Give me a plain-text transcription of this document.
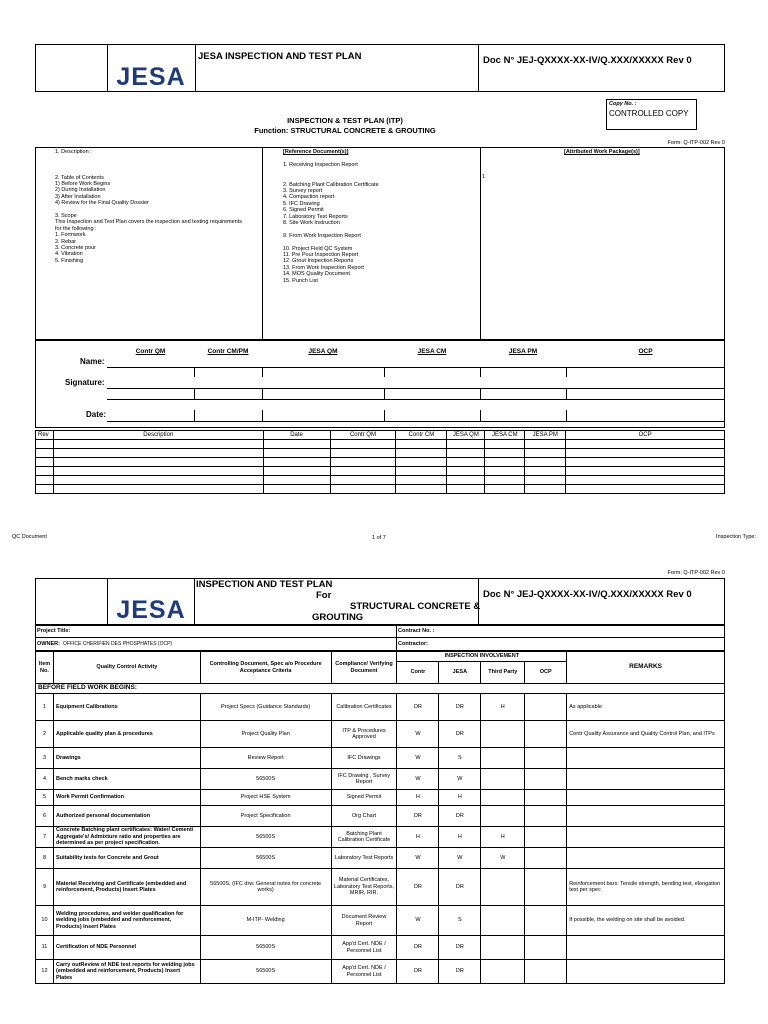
JESA
JESA INSPECTION AND TEST PLAN	Doc N° JEJ-QXXXX-XX-IV/Q.XXX/XXXXX Rev 0
Copy No. :
CONTROLLED COPY
INSPECTION & TEST PLAN (ITP)
Function: STRUCTURAL CONCRETE & GROUTING
Form: Q-ITP-002 Rev 0
1. Description :
2. Table of Contents
1) Before Work Begins
2) During Installation
3) After Installation
4) Review for the Final Quality Dossier
3. Scope
This Inspection and Test Plan covers the inspection and testing requirements
for the following :
1. Formwork
2. Rebar
3. Concrete pour
4. Vibration
5. Finishing
[Reference Document(s)]
1. Receiving Inspection Report
2. Batching Plant Calibration Certificate
3. Survey report
4. Compaction report
5. IFC Drawing
6. Signed Permit
7. Laboratory Test Reports
8. Site Work Instruction
9. From Work Inspection Report
10. Project Field QC System
11. Pre Pour Inspection Report
12. Grout Inspection Reports
13. From Work Inspection Report
14. MOS Quality Document
15. Punch List
[Attributed Work Package(s)]
1
Contr QM	Contr CM/PM	JESA QM	JESA CM	JESA PM	OCP
Name:
Signature:
Date:
Rev	Description	Date	Contr QM	Contr CM	JESA QM	JESA CM	JESA PM	OCP

QC Document	1 of 7	Inspection Type:
Form: Q-ITP-002 Rev 0
JESA
INSPECTION AND TEST PLAN
For
STRUCTURAL CONCRETE &
GROUTING
Doc N° JEJ-QXXXX-XX-IV/Q.XXX/XXXXX Rev 0
Project Title:
OWNER: OFFICE CHERIFIEN DES PHOSPHATES (OCP)
Contract No. :
Contractor:
Item No.	Quality Control Activity	Controlling Document, Spec a/o Procedure Acceptance Criteria	Compliance/ Verifying Document	INSPECTION INVOLVEMENT				REMARKS
				Contr	JESA	Third Party	OCP	
BEFORE FIELD WORK BEGINS:								
1	Equipment Calibrations	Project Specs (Guidance Standards)	Calibration Certificates	DR	DR	H		As applicable
2	Applicable quality plan & procedures	Project Quality Plan	ITP & Procedures Approved	W	DR			Contr Quality Assurance and Quality Control Plan, and ITPs
3	Drawings	Review Report	IFC Drawings	W	S			
4	Bench marks check	56500S	IFC Drawing , Survey Report	W	W			
5	Work Permit Confirmation	Project HSE System	Signed Permit	H	H			
6	Authorized personal documentation	Project Specification	Org Chart	DR	DR			
7	Concrete Batching plant certificates: Water/ Cement/ Aggregate's/ Admixture ratio and properties are determined as per project specification.	56500S	Batching Plant Calibration Certificate	H	H	H		
8	Suitability tests for Concrete and Grout	56500S	Laboratory Test Reports	W	W	W		
9	Material Receiving and Certificate (embedded and reinforcement, Products) Insert Plates	56500S, (IFC drw. General notes for concrete works)	Material Certificates, Laboratory Test Reports, MRIR, RIR.	DR	DR			Reinforcement bars: Tensile strength, bending test, elongation test per spec
10	Welding procedures, and welder qualification for welding jobs (embedded and reinforcement, Products) Insert Plates	M-ITP- Welding	Document Review Report	W	S			If possible, the welding on site shall be avoided.
11	Certification of NDE Personnel	56500S	App'd Cert. NDE / Personnel List	DR	DR			
12	Carry outReview of NDE test reports for welding jobs (embedded and reinforcement, Products) Insert Plates	56500S	App'd Cert. NDE / Personnel List	DR	DR			
